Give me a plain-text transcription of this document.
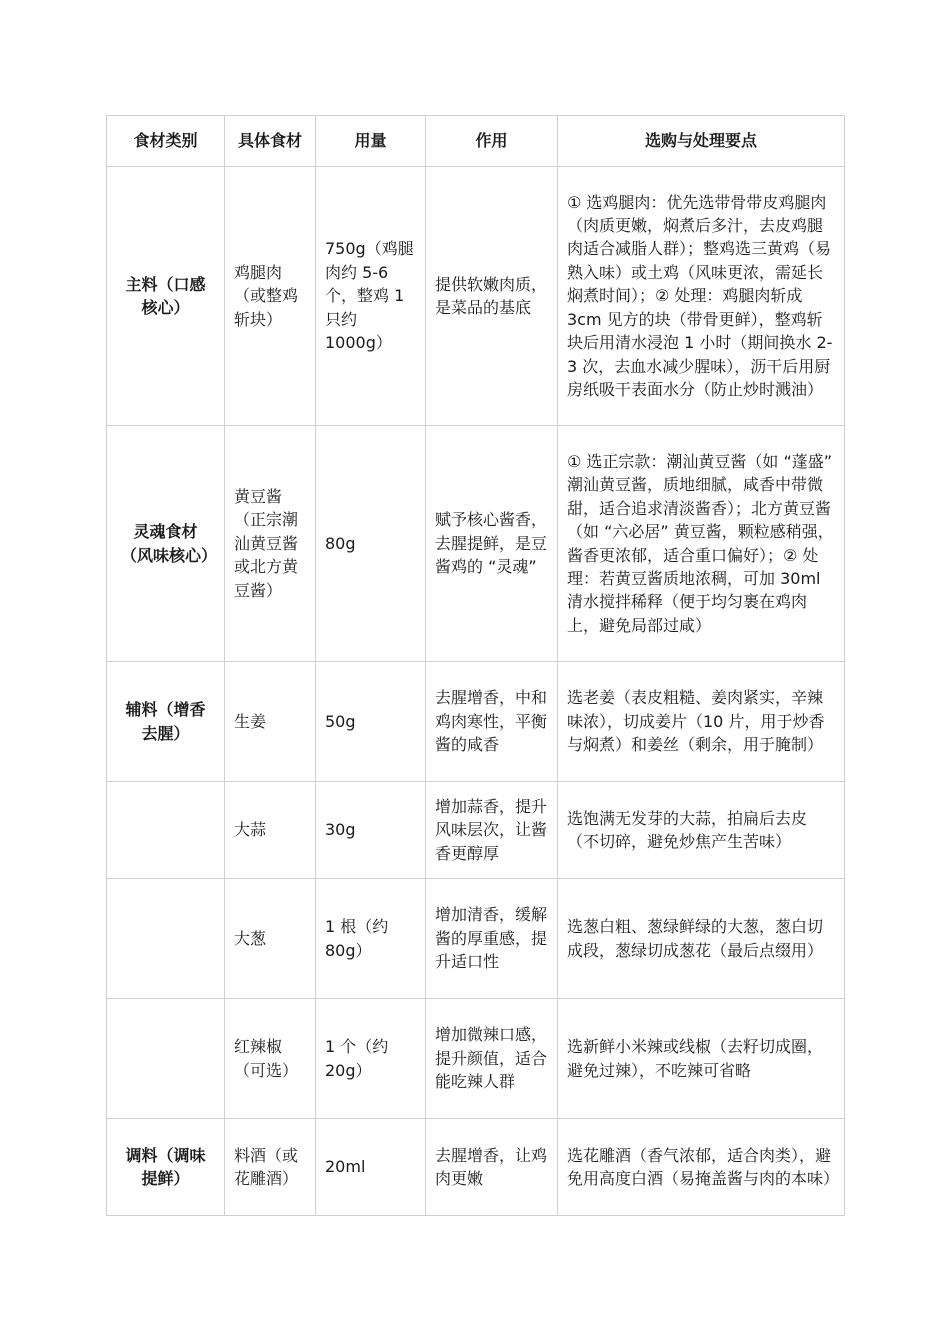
食材类别	具体食材	用量	作用	选购与处理要点
主料（口感核心）	鸡腿肉（或整鸡斩块）	750g（鸡腿肉约 5-6 个，整鸡 1 只约 1000g）	提供软嫩肉质，是菜品的基底	① 选鸡腿肉：优先选带骨带皮鸡腿肉（肉质更嫩，焖煮后多汁，去皮鸡腿肉适合减脂人群）；整鸡选三黄鸡（易熟入味）或土鸡（风味更浓，需延长焖煮时间）；② 处理：鸡腿肉斩成 3cm 见方的块（带骨更鲜），整鸡斩块后用清水浸泡 1 小时（期间换水 2-3 次，去血水减少腥味），沥干后用厨房纸吸干表面水分（防止炒时溅油）
灵魂食材（风味核心）	黄豆酱（正宗潮汕黄豆酱或北方黄豆酱）	80g	赋予核心酱香，去腥提鲜，是豆酱鸡的 “灵魂”	① 选正宗款：潮汕黄豆酱（如 “蓬盛” 潮汕黄豆酱，质地细腻，咸香中带微甜，适合追求清淡酱香）；北方黄豆酱（如 “六必居” 黄豆酱，颗粒感稍强，酱香更浓郁，适合重口偏好）；② 处理：若黄豆酱质地浓稠，可加 30ml 清水搅拌稀释（便于均匀裹在鸡肉上，避免局部过咸）
辅料（增香去腥）	生姜	50g	去腥增香，中和鸡肉寒性，平衡酱的咸香	选老姜（表皮粗糙、姜肉紧实，辛辣味浓），切成姜片（10 片，用于炒香与焖煮）和姜丝（剩余，用于腌制）
	大蒜	30g	增加蒜香，提升风味层次，让酱香更醇厚	选饱满无发芽的大蒜，拍扁后去皮（不切碎，避免炒焦产生苦味）
	大葱	1 根（约 80g）	增加清香，缓解酱的厚重感，提升适口性	选葱白粗、葱绿鲜绿的大葱，葱白切成段，葱绿切成葱花（最后点缀用）
	红辣椒（可选）	1 个（约 20g）	增加微辣口感，提升颜值，适合能吃辣人群	选新鲜小米辣或线椒（去籽切成圈，避免过辣），不吃辣可省略
调料（调味提鲜）	料酒（或花雕酒）	20ml	去腥增香，让鸡肉更嫩	选花雕酒（香气浓郁，适合肉类），避免用高度白酒（易掩盖酱与肉的本味）
